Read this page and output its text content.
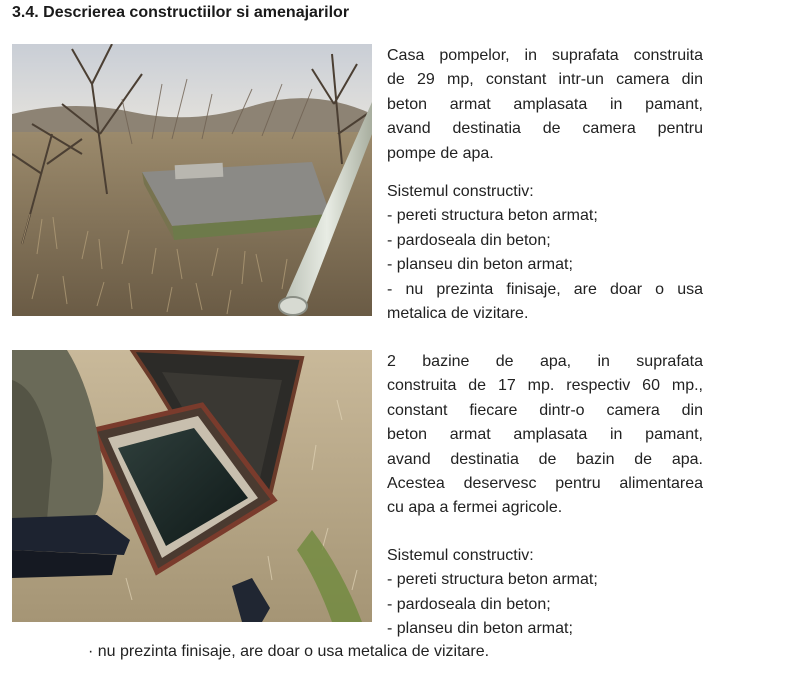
3.4. Descrierea constructiilor si amenajarilor
Casa pompelor, in suprafata construita
de 29 mp, constant intr-un camera din
beton armat amplasata in pamant,
avand destinatia de camera pentru
pompe de apa.
Sistemul constructiv:
- pereti structura beton armat;
- pardoseala din beton;
- planseu din beton armat;
- nu prezinta finisaje, are doar o usa
metalica de vizitare.
2 bazine de apa, in suprafata
construita de 17 mp. respectiv 60 mp.,
constant fiecare dintr-o camera din
beton armat amplasata in pamant,
avand destinatia de bazin de apa.
Acestea deservesc pentru alimentarea
cu apa a fermei agricole.
Sistemul constructiv:
- pereti structura beton armat;
- pardoseala din beton;
- planseu din beton armat;
· nu prezinta finisaje, are doar o usa metalica de vizitare.
